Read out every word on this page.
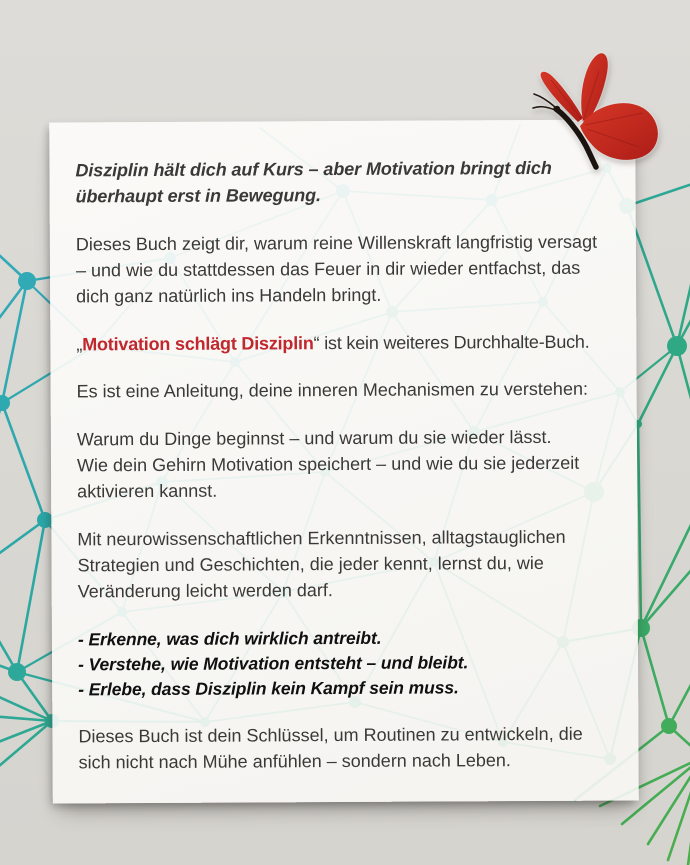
Disziplin hält dich auf Kurs – aber Motivation bringt dich überhaupt erst in Bewegung.

Dieses Buch zeigt dir, warum reine Willenskraft langfristig versagt – und wie du stattdessen das Feuer in dir wieder entfachst, das dich ganz natürlich ins Handeln bringt.

„Motivation schlägt Disziplin“ ist kein weiteres Durchhalte-Buch.

Es ist eine Anleitung, deine inneren Mechanismen zu verstehen:

Warum du Dinge beginnst – und warum du sie wieder lässt.

Wie dein Gehirn Motivation speichert – und wie du sie jederzeit aktivieren kannst.

Mit neurowissenschaftlichen Erkenntnissen, alltagstauglichen Strategien und Geschichten, die jeder kennt, lernst du, wie Veränderung leicht werden darf.

- Erkenne, was dich wirklich antreibt.
- Verstehe, wie Motivation entsteht – und bleibt.
- Erlebe, dass Disziplin kein Kampf sein muss.

Dieses Buch ist dein Schlüssel, um Routinen zu entwickeln, die sich nicht nach Mühe anfühlen – sondern nach Leben.
